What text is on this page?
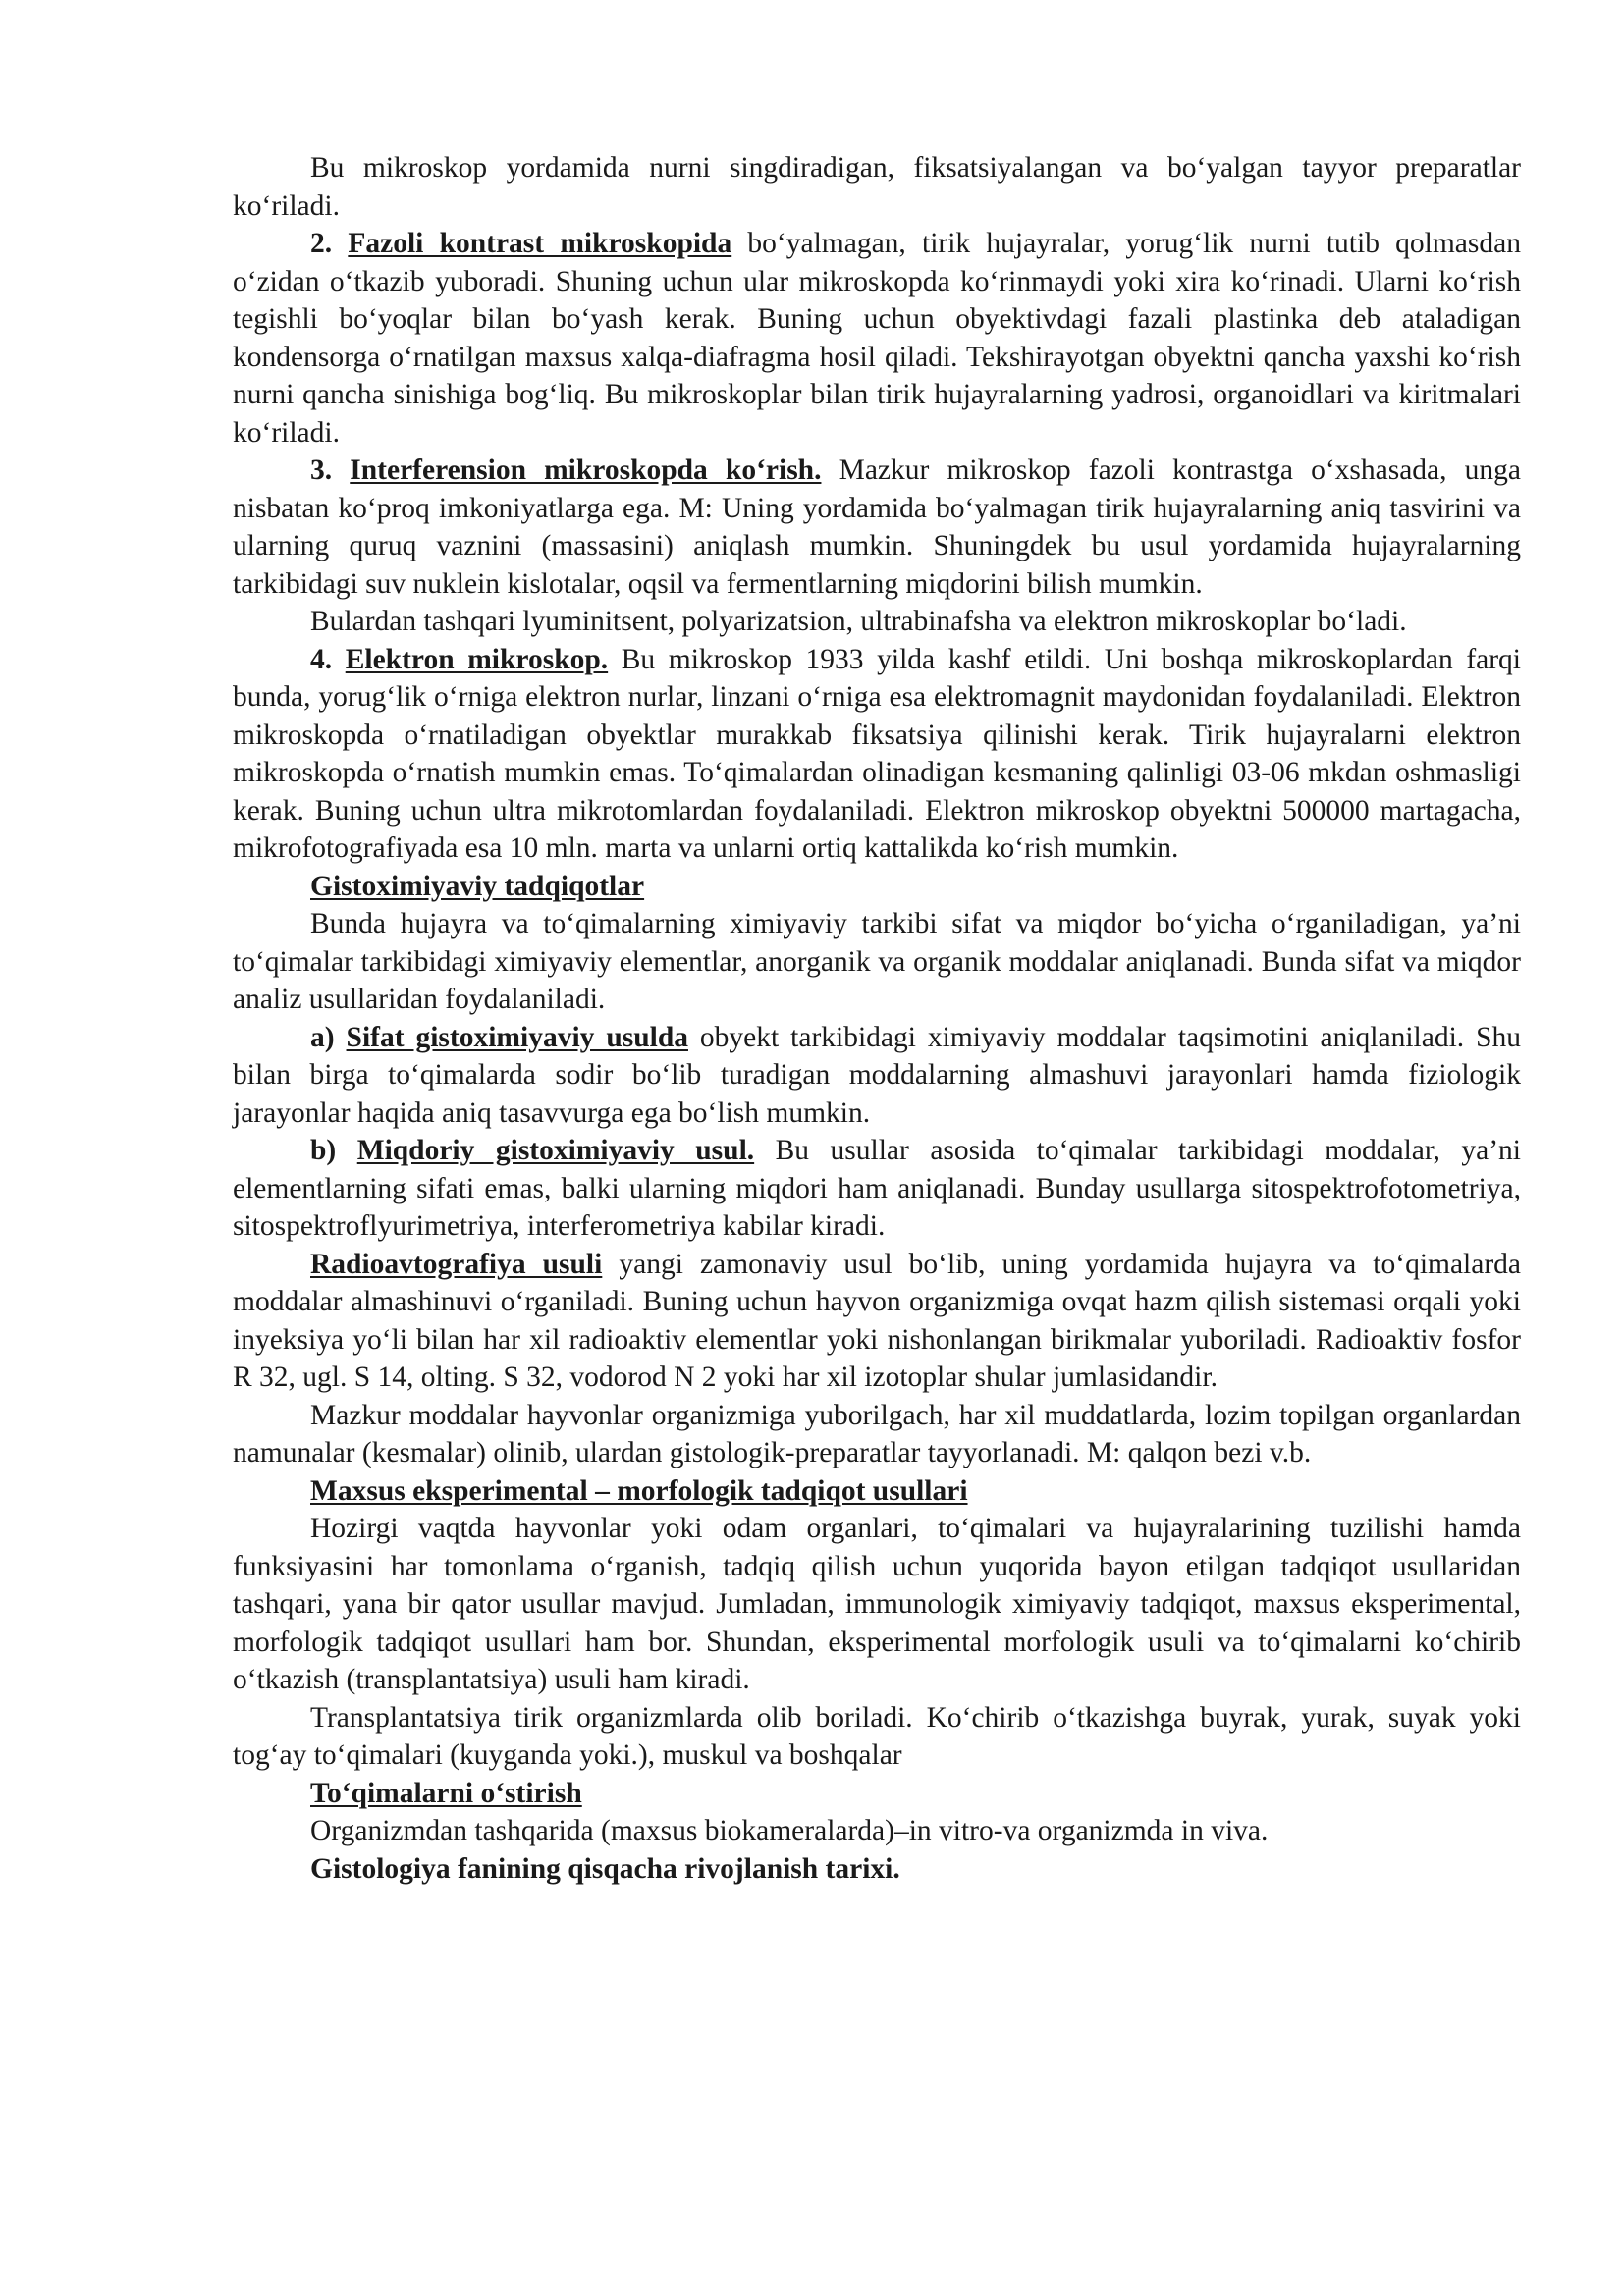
Bu mikroskop yordamida nurni singdiradigan, fiksatsiyalangan va bo‘yalgan tayyor preparatlar ko‘riladi.

2. Fazoli kontrast mikroskopida bo‘yalmagan, tirik hujayralar, yorug‘lik nurni tutib qolmasdan o‘zidan o‘tkazib yuboradi. Shuning uchun ular mikroskopda ko‘rinmaydi yoki xira ko‘rinadi. Ularni ko‘rish tegishli bo‘yoqlar bilan bo‘yash kerak. Buning uchun obyektivdagi fazali plastinka deb ataladigan kondensorga o‘rnatilgan maxsus xalqa-diafragma hosil qiladi. Tekshirayotgan obyektni qancha yaxshi ko‘rish nurni qancha sinishiga bog‘liq. Bu mikroskoplar bilan tirik hujayralarning yadrosi, organoidlari va kiritmalari ko‘riladi.

3. Interferension mikroskopda ko‘rish. Mazkur mikroskop fazoli kontrastga o‘xshasada, unga nisbatan ko‘proq imkoniyatlarga ega. M: Uning yordamida bo‘yalmagan tirik hujayralarning aniq tasvirini va ularning quruq vaznini (massasini) aniqlash mumkin. Shuningdek bu usul yordamida hujayralarning tarkibidagi suv nuklein kislotalar, oqsil va fermentlarning miqdorini bilish mumkin.

Bulardan tashqari lyuminitsent, polyarizatsion, ultrabinafsha va elektron mikroskoplar bo‘ladi.

4. Elektron mikroskop. Bu mikroskop 1933 yilda kashf etildi. Uni boshqa mikroskoplardan farqi bunda, yorug‘lik o‘rniga elektron nurlar, linzani o‘rniga esa elektromagnit maydonidan foydalaniladi. Elektron mikroskopda o‘rnatiladigan obyektlar murakkab fiksatsiya qilinishi kerak. Tirik hujayralarni elektron mikroskopda o‘rnatish mumkin emas. To‘qimalardan olinadigan kesmaning qalinligi 03-06 mkdan oshmasligi kerak. Buning uchun ultra mikrotomlardan foydalaniladi. Elektron mikroskop obyektni 500000 martagacha, mikrofotografiyada esa 10 mln. marta va unlarni ortiq kattalikda ko‘rish mumkin.

Gistoximiyaviy tadqiqotlar

Bunda hujayra va to‘qimalarning ximiyaviy tarkibi sifat va miqdor bo‘yicha o‘rganiladigan, ya’ni to‘qimalar tarkibidagi ximiyaviy elementlar, anorganik va organik moddalar aniqlanadi. Bunda sifat va miqdor analiz usullaridan foydalaniladi.

a) Sifat gistoximiyaviy usulda obyekt tarkibidagi ximiyaviy moddalar taqsimotini aniqlaniladi. Shu bilan birga to‘qimalarda sodir bo‘lib turadigan moddalarning almashuvi jarayonlari hamda fiziologik jarayonlar haqida aniq tasavvurga ega bo‘lish mumkin.

b) Miqdoriy gistoximiyaviy usul. Bu usullar asosida to‘qimalar tarkibidagi moddalar, ya’ni elementlarning sifati emas, balki ularning miqdori ham aniqlanadi. Bunday usullarga sitospektrofotometriya, sitospektroflyurimetriya, interferometriya kabilar kiradi.

Radioavtografiya usuli yangi zamonaviy usul bo‘lib, uning yordamida hujayra va to‘qimalarda moddalar almashinuvi o‘rganiladi. Buning uchun hayvon organizmiga ovqat hazm qilish sistemasi orqali yoki inyeksiya yo‘li bilan har xil radioaktiv elementlar yoki nishonlangan birikmalar yuboriladi. Radioaktiv fosfor R 32, ugl. S 14, olting. S 32, vodorod N 2 yoki har xil izotoplar shular jumlasidandir.

Mazkur moddalar hayvonlar organizmiga yuborilgach, har xil muddatlarda, lozim topilgan organlardan namunalar (kesmalar) olinib, ulardan gistologik-preparatlar tayyorlanadi. M: qalqon bezi v.b.

Maxsus eksperimental – morfologik tadqiqot usullari

Hozirgi vaqtda hayvonlar yoki odam organlari, to‘qimalari va hujayralarining tuzilishi hamda funksiyasini har tomonlama o‘rganish, tadqiq qilish uchun yuqorida bayon etilgan tadqiqot usullaridan tashqari, yana bir qator usullar mavjud. Jumladan, immunologik ximiyaviy tadqiqot, maxsus eksperimental, morfologik tadqiqot usullari ham bor. Shundan, eksperimental morfologik usuli va to‘qimalarni ko‘chirib o‘tkazish (transplantatsiya) usuli ham kiradi.

Transplantatsiya tirik organizmlarda olib boriladi. Ko‘chirib o‘tkazishga buyrak, yurak, suyak yoki tog‘ay to‘qimalari (kuyganda yoki.), muskul va boshqalar

To‘qimalarni o‘stirish

Organizmdan tashqarida (maxsus biokameralarda)–in vitro-va organizmda in viva.

Gistologiya fanining qisqacha rivojlanish tarixi.
